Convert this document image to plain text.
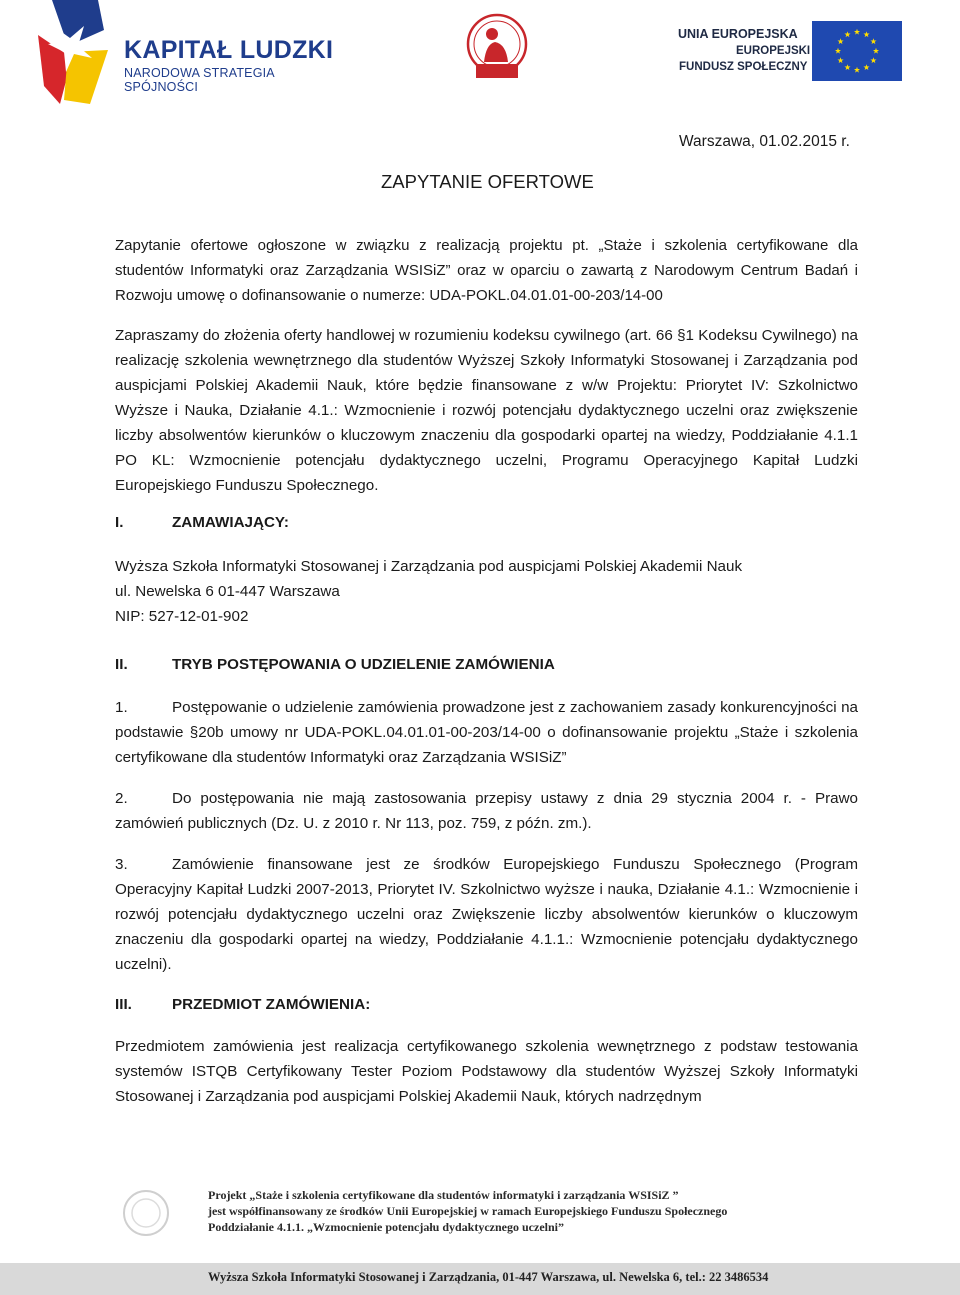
KAPITAŁ LUDZKI
NARODOWA STRATEGIA SPÓJNOŚCI
WIT
UNIA EUROPEJSKA
EUROPEJSKI
FUNDUSZ SPOŁECZNY
Warszawa, 01.02.2015 r.
ZAPYTANIE OFERTOWE
Zapytanie ofertowe ogłoszone w związku z realizacją projektu pt. „Staże i szkolenia certyfikowane dla studentów Informatyki oraz Zarządzania WSISiZ” oraz w oparciu o zawartą z Narodowym Centrum Badań i Rozwoju umowę o dofinansowanie o numerze: UDA-POKL.04.01.01-00-203/14-00
Zapraszamy do złożenia oferty handlowej w rozumieniu kodeksu cywilnego (art. 66 §1 Kodeksu Cywilnego) na realizację szkolenia wewnętrznego dla studentów Wyższej Szkoły Informatyki Stosowanej i Zarządzania pod auspicjami Polskiej Akademii Nauk, które będzie finansowane z w/w Projektu: Priorytet IV: Szkolnictwo Wyższe i Nauka, Działanie 4.1.: Wzmocnienie i rozwój potencjału dydaktycznego uczelni oraz zwiększenie liczby absolwentów kierunków o kluczowym znaczeniu dla gospodarki opartej na wiedzy, Poddziałanie 4.1.1 PO KL: Wzmocnienie potencjału dydaktycznego uczelni, Programu Operacyjnego Kapitał Ludzki Europejskiego Funduszu Społecznego.
I.	ZAMAWIAJĄCY:
Wyższa Szkoła Informatyki Stosowanej i Zarządzania pod auspicjami Polskiej Akademii Nauk
ul. Newelska 6 01-447 Warszawa
NIP: 527-12-01-902
II.	TRYB POSTĘPOWANIA O UDZIELENIE ZAMÓWIENIA
1.	Postępowanie o udzielenie zamówienia prowadzone jest z zachowaniem zasady konkurencyjności na podstawie §20b umowy nr UDA-POKL.04.01.01-00-203/14-00 o dofinansowanie projektu „Staże i szkolenia certyfikowane dla studentów Informatyki oraz Zarządzania WSISiZ”
2.	Do postępowania nie mają zastosowania przepisy ustawy z dnia 29 stycznia 2004 r. - Prawo zamówień publicznych (Dz. U. z 2010 r. Nr 113, poz. 759, z późn. zm.).
3.	Zamówienie finansowane jest ze środków Europejskiego Funduszu Społecznego (Program Operacyjny Kapitał Ludzki 2007-2013, Priorytet IV. Szkolnictwo wyższe i nauka, Działanie 4.1.: Wzmocnienie i rozwój potencjału dydaktycznego uczelni oraz Zwiększenie liczby absolwentów kierunków o kluczowym znaczeniu dla gospodarki opartej na wiedzy, Poddziałanie 4.1.1.: Wzmocnienie potencjału dydaktycznego uczelni).
III.	PRZEDMIOT ZAMÓWIENIA:
Przedmiotem zamówienia jest realizacja certyfikowanego szkolenia wewnętrznego z podstaw testowania systemów ISTQB Certyfikowany Tester Poziom Podstawowy dla studentów Wyższej Szkoły Informatyki Stosowanej i Zarządzania pod auspicjami Polskiej Akademii Nauk, których nadrzędnym
Projekt „Staże i szkolenia certyfikowane dla studentów informatyki i zarządzania WSISiZ ”
jest współfinansowany ze środków Unii Europejskiej w ramach Europejskiego Funduszu Społecznego
Poddziałanie 4.1.1. „Wzmocnienie potencjału dydaktycznego uczelni”
Wyższa Szkoła Informatyki Stosowanej i Zarządzania, 01-447 Warszawa, ul. Newelska 6, tel.: 22 3486534
